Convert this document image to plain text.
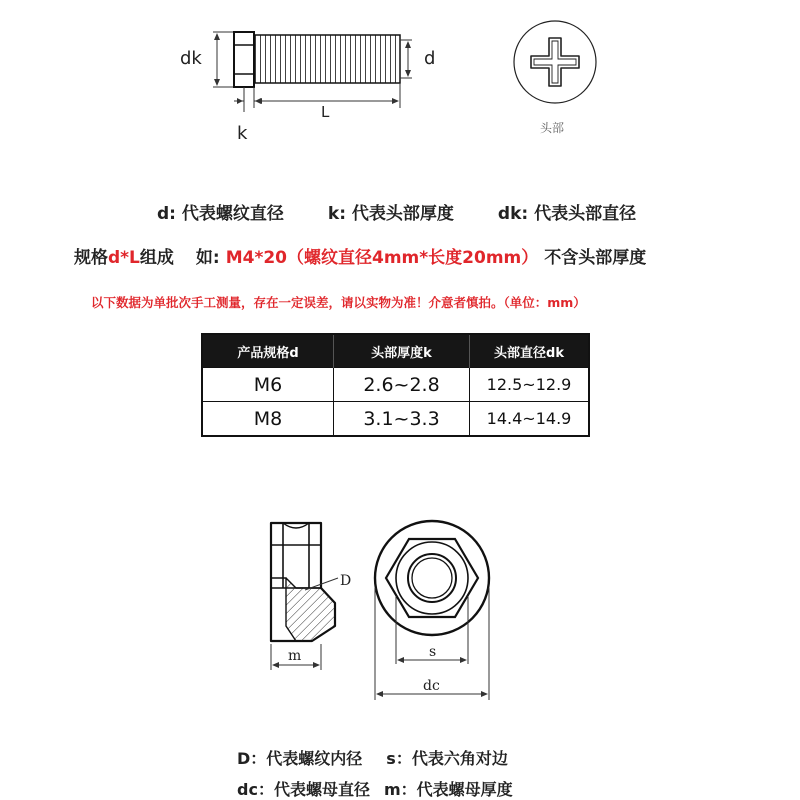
dk	d
L
k	头部
d: 代表螺纹直径	k: 代表头部厚度	dk: 代表头部直径
规格d*L组成 如: M4*20（螺纹直径4mm*长度20mm） 不含头部厚度
以下数据为单批次手工测量，存在一定误差，请以实物为准！介意者慎拍。（单位：mm）
产品规格d	头部厚度k	头部直径dk
M6	2.6~2.8	12.5~12.9
M8	3.1~3.3	14.4~14.9
D
m	s
dc
D：代表螺纹内径 s：代表六角对边
dc：代表螺母直径 m：代表螺母厚度
